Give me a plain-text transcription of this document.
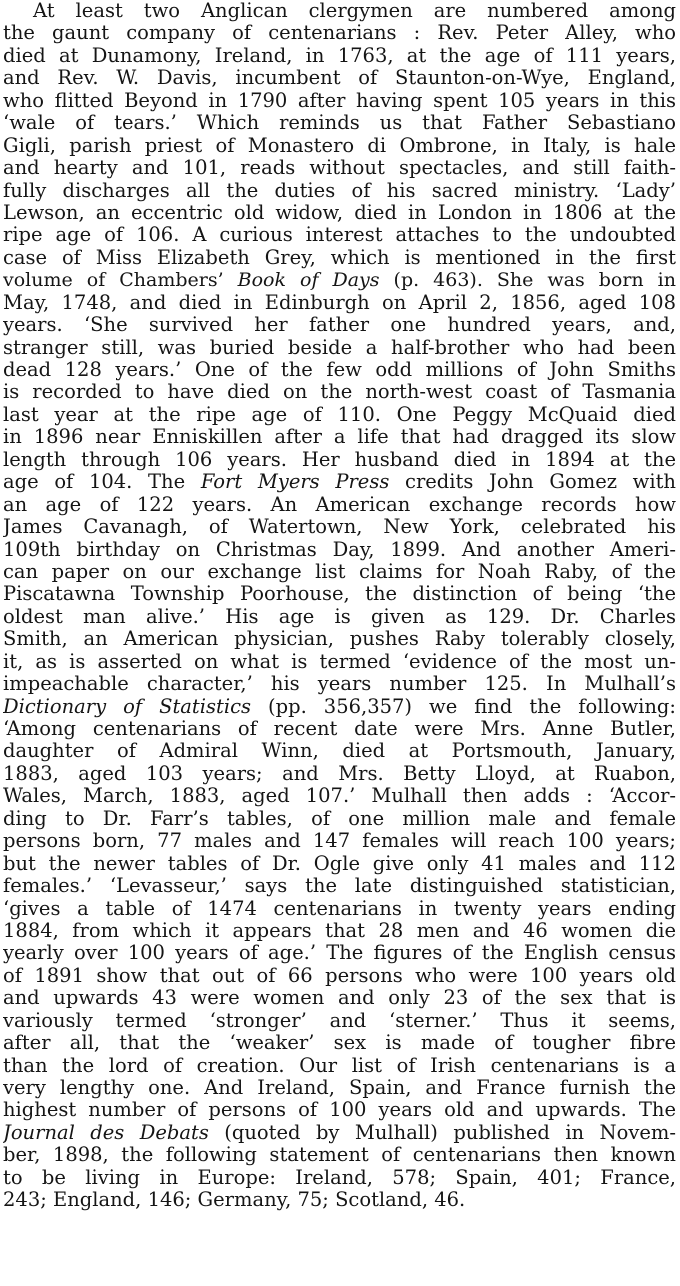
At least two Anglican clergymen are numbered among
the gaunt company of centenarians : Rev. Peter Alley, who
died at Dunamony, Ireland, in 1763, at the age of 111 years,
and Rev. W. Davis, incumbent of Staunton-on-Wye, England,
who flitted Beyond in 1790 after having spent 105 years in this
‘wale of tears.’ Which reminds us that Father Sebastiano
Gigli, parish priest of Monastero di Ombrone, in Italy, is hale
and hearty and 101, reads without spectacles, and still faith-
fully discharges all the duties of his sacred ministry. ‘Lady’
Lewson, an eccentric old widow, died in London in 1806 at the
ripe age of 106. A curious interest attaches to the undoubted
case of Miss Elizabeth Grey, which is mentioned in the first
volume of Chambers’ Book of Days (p. 463). She was born in
May, 1748, and died in Edinburgh on April 2, 1856, aged 108
years. ‘She survived her father one hundred years, and,
stranger still, was buried beside a half-brother who had been
dead 128 years.’ One of the few odd millions of John Smiths
is recorded to have died on the north-west coast of Tasmania
last year at the ripe age of 110. One Peggy McQuaid died
in 1896 near Enniskillen after a life that had dragged its slow
length through 106 years. Her husband died in 1894 at the
age of 104. The Fort Myers Press credits John Gomez with
an age of 122 years. An American exchange records how
James Cavanagh, of Watertown, New York, celebrated his
109th birthday on Christmas Day, 1899. And another Ameri-
can paper on our exchange list claims for Noah Raby, of the
Piscatawna Township Poorhouse, the distinction of being ‘the
oldest man alive.’ His age is given as 129. Dr. Charles
Smith, an American physician, pushes Raby tolerably closely,
it, as is asserted on what is termed ‘evidence of the most un-
impeachable character,’ his years number 125. In Mulhall’s
Dictionary of Statistics (pp. 356,357) we find the following:
‘Among centenarians of recent date were Mrs. Anne Butler,
daughter of Admiral Winn, died at Portsmouth, January,
1883, aged 103 years; and Mrs. Betty Lloyd, at Ruabon,
Wales, March, 1883, aged 107.’ Mulhall then adds : ‘Accor-
ding to Dr. Farr’s tables, of one million male and female
persons born, 77 males and 147 females will reach 100 years;
but the newer tables of Dr. Ogle give only 41 males and 112
females.’ ‘Levasseur,’ says the late distinguished statistician,
‘gives a table of 1474 centenarians in twenty years ending
1884, from which it appears that 28 men and 46 women die
yearly over 100 years of age.’ The figures of the English census
of 1891 show that out of 66 persons who were 100 years old
and upwards 43 were women and only 23 of the sex that is
variously termed ‘stronger’ and ‘sterner.’ Thus it seems,
after all, that the ‘weaker’ sex is made of tougher fibre
than the lord of creation. Our list of Irish centenarians is a
very lengthy one. And Ireland, Spain, and France furnish the
highest number of persons of 100 years old and upwards. The
Journal des Debats (quoted by Mulhall) published in Novem-
ber, 1898, the following statement of centenarians then known
to be living in Europe: Ireland, 578; Spain, 401; France,
243; England, 146; Germany, 75; Scotland, 46.
